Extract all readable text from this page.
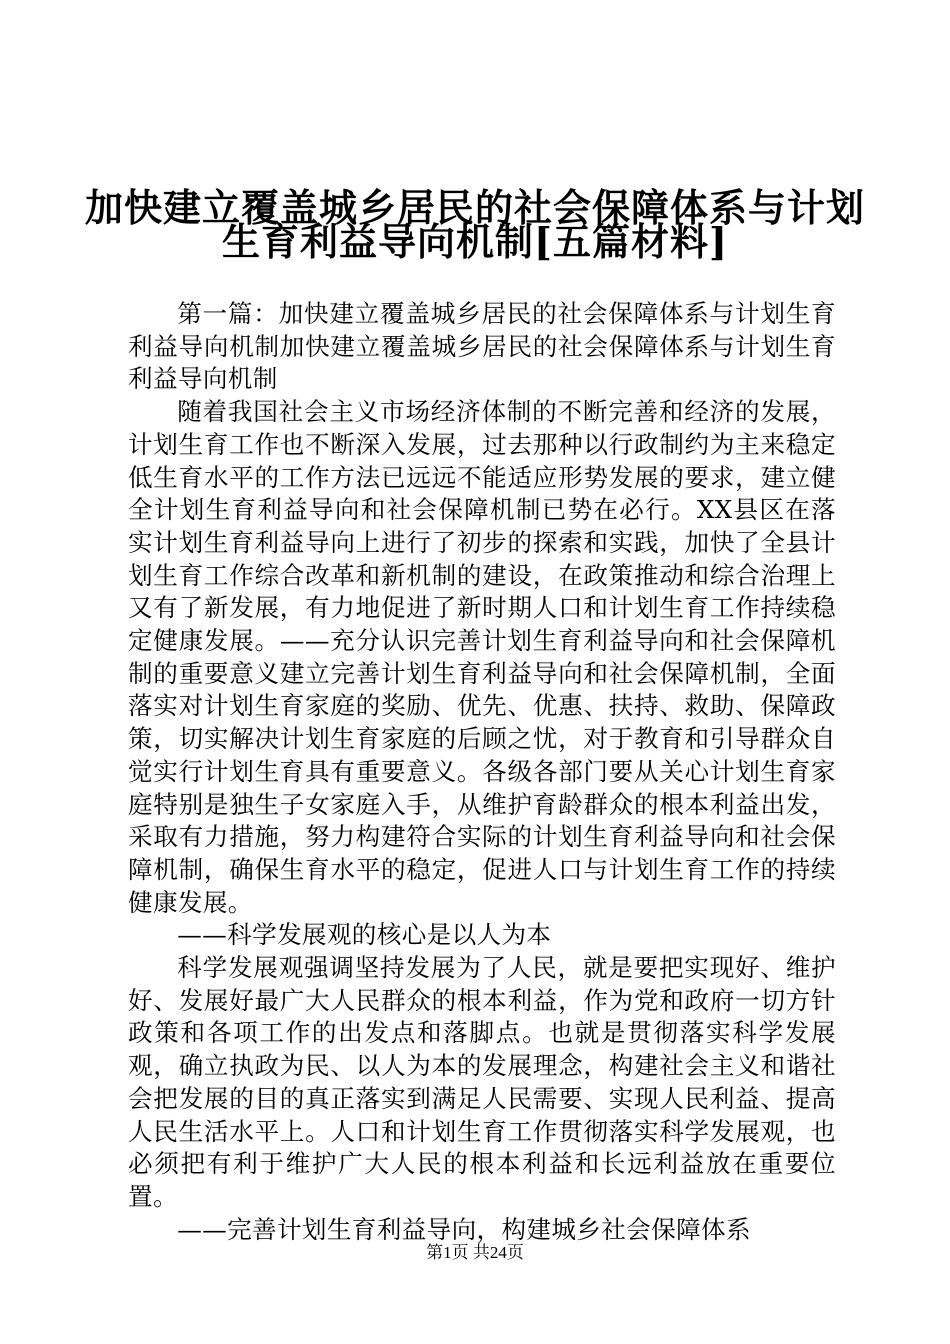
加快建立覆盖城乡居民的社会保障体系与计划
生育利益导向机制[五篇材料]

第一篇：加快建立覆盖城乡居民的社会保障体系与计划生育利益导向机制加快建立覆盖城乡居民的社会保障体系与计划生育利益导向机制

随着我国社会主义市场经济体制的不断完善和经济的发展，计划生育工作也不断深入发展，过去那种以行政制约为主来稳定低生育水平的工作方法已远远不能适应形势发展的要求，建立健全计划生育利益导向和社会保障机制已势在必行。XX县区在落实计划生育利益导向上进行了初步的探索和实践，加快了全县计划生育工作综合改革和新机制的建设，在政策推动和综合治理上又有了新发展，有力地促进了新时期人口和计划生育工作持续稳定健康发展。——充分认识完善计划生育利益导向和社会保障机制的重要意义建立完善计划生育利益导向和社会保障机制，全面落实对计划生育家庭的奖励、优先、优惠、扶持、救助、保障政策，切实解决计划生育家庭的后顾之忧，对于教育和引导群众自觉实行计划生育具有重要意义。各级各部门要从关心计划生育家庭特别是独生子女家庭入手，从维护育龄群众的根本利益出发，采取有力措施，努力构建符合实际的计划生育利益导向和社会保障机制，确保生育水平的稳定，促进人口与计划生育工作的持续健康发展。

——科学发展观的核心是以人为本

科学发展观强调坚持发展为了人民，就是要把实现好、维护好、发展好最广大人民群众的根本利益，作为党和政府一切方针政策和各项工作的出发点和落脚点。也就是贯彻落实科学发展观，确立执政为民、以人为本的发展理念，构建社会主义和谐社会把发展的目的真正落实到满足人民需要、实现人民利益、提高人民生活水平上。人口和计划生育工作贯彻落实科学发展观，也必须把有利于维护广大人民的根本利益和长远利益放在重要位置。

——完善计划生育利益导向，构建城乡社会保障体系

第1页 共24页
